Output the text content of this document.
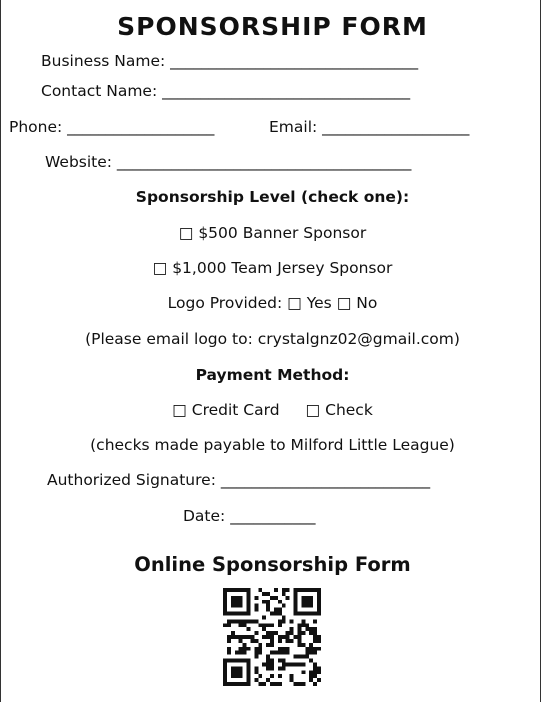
SPONSORSHIP FORM
Business Name: ________________________________
Contact Name: ________________________________
Phone: ___________________	Email: ___________________
Website: ______________________________________
Sponsorship Level (check one):
□ $500 Banner Sponsor
□ $1,000 Team Jersey Sponsor
Logo Provided: □ Yes □ No
(Please email logo to: crystalgnz02@gmail.com)
Payment Method:
□ Credit Card □ Check
(checks made payable to Milford Little League)
Authorized Signature: ___________________________
Date: ___________
Online Sponsorship Form
